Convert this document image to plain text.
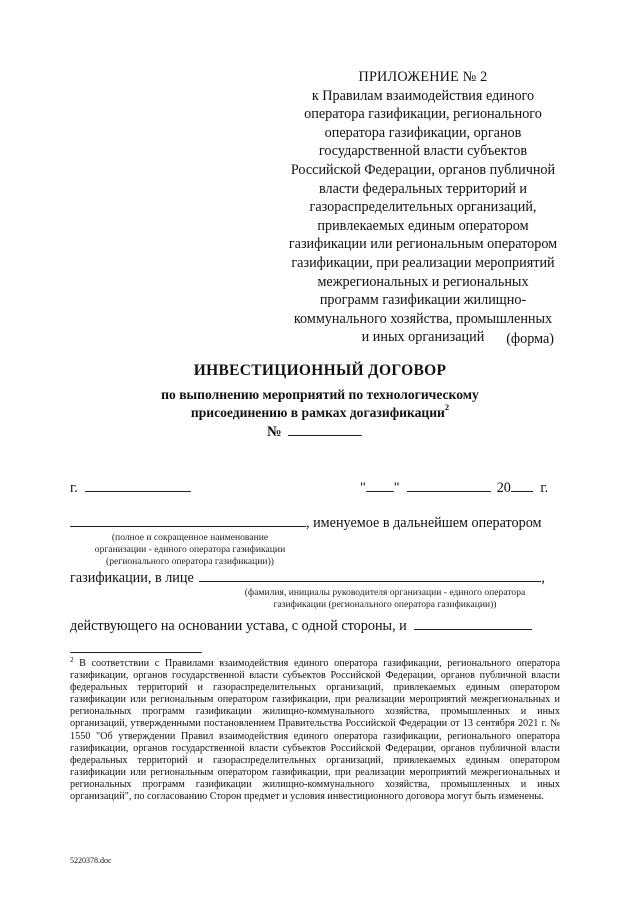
ПРИЛОЖЕНИЕ № 2
к Правилам взаимодействия единого
оператора газификации, регионального
оператора газификации, органов
государственной власти субъектов
Российской Федерации, органов публичной
власти федеральных территорий и
газораспределительных организаций,
привлекаемых единым оператором
газификации или региональным оператором
газификации, при реализации мероприятий
межрегиональных и региональных
программ газификации жилищно-
коммунального хозяйства, промышленных
и иных организаций	(форма)
ИНВЕСТИЦИОННЫЙ ДОГОВОР
по выполнению мероприятий по технологическому
присоединению в рамках догазификации$^2$
№
г.	" "	20 г.
, именуемое в дальнейшем оператором
(полное и сокращенное наименование
организации - единого оператора газификации
(регионального оператора газификации))
газификации, в лице	,
(фамилия, инициалы руководителя организации - единого оператора
газификации (регионального оператора газификации))
действующего на основании устава, с одной стороны, и
$^2$ В соответствии с Правилами взаимодействия единого оператора газификации, регионального оператора газификации, органов государственной власти субъектов Российской Федерации, органов публичной власти федеральных территорий и газораспределительных организаций, привлекаемых единым оператором газификации или региональным оператором газификации, при реализации мероприятий межрегиональных и региональных программ газификации жилищно-коммунального хозяйства, промышленных и иных организаций, утвержденными постановлением Правительства Российской Федерации от 13 сентября 2021 г. № 1550 "Об утверждении Правил взаимодействия единого оператора газификации, регионального оператора газификации, органов государственной власти субъектов Российской Федерации, органов публичной власти федеральных территорий и газораспределительных организаций, привлекаемых единым оператором газификации или региональным оператором газификации, при реализации мероприятий межрегиональных и региональных программ газификации жилищно-коммунального хозяйства, промышленных и иных организаций", по согласованию Сторон предмет и условия инвестиционного договора могут быть изменены.
5220378.doc
